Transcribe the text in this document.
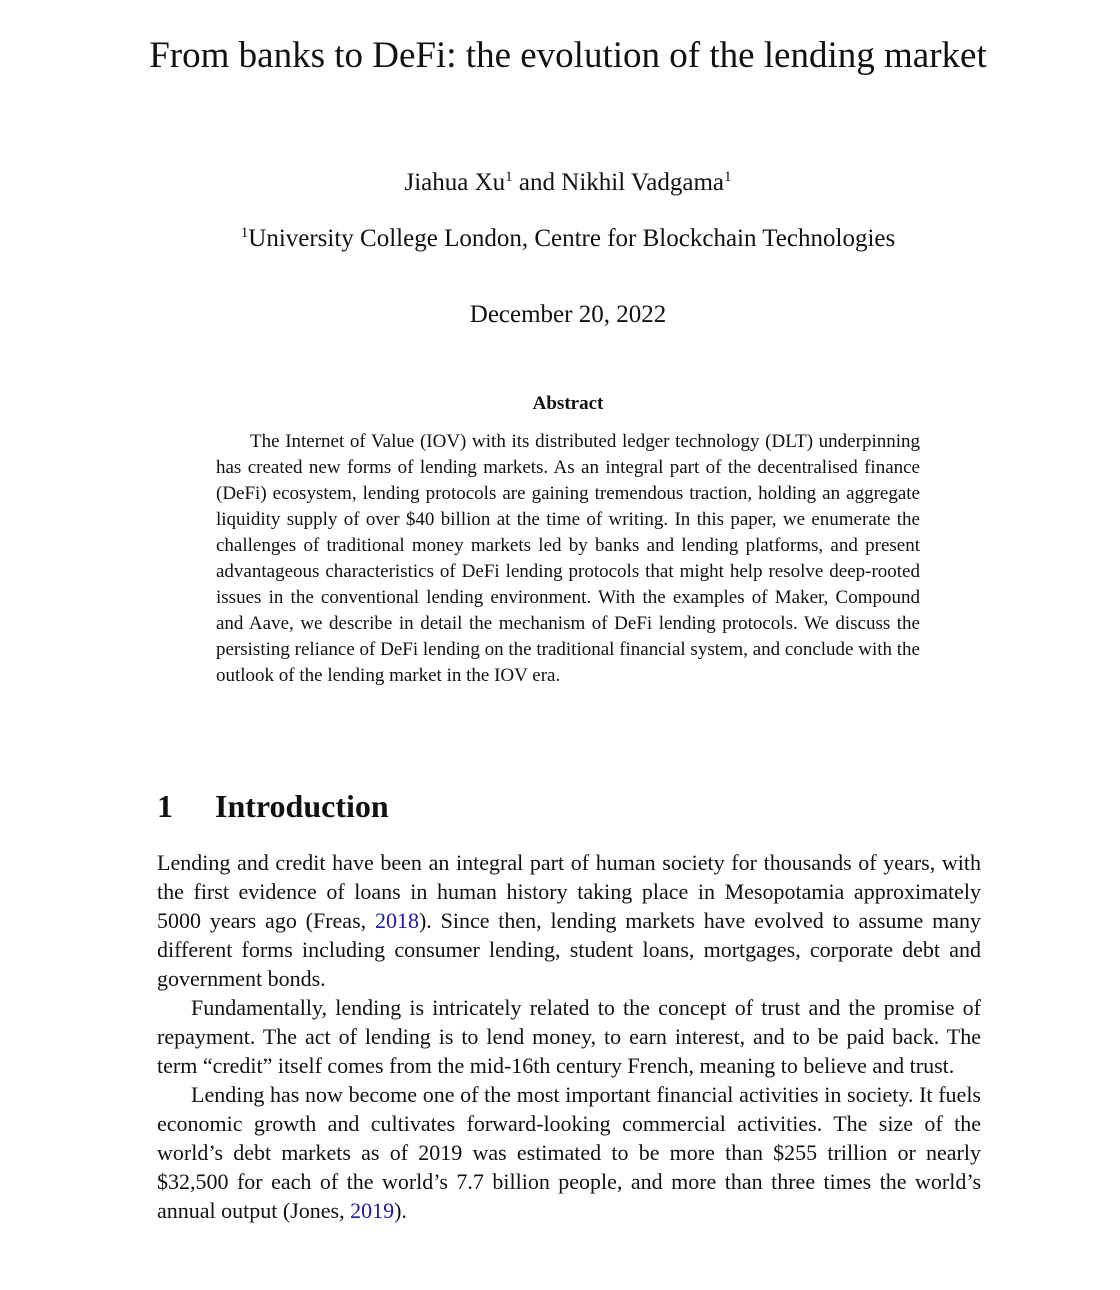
From banks to DeFi: the evolution of the lending market
Jiahua Xu$^1$ and Nikhil Vadgama$^1$
$^1$University College London, Centre for Blockchain Technologies
December 20, 2022
Abstract

The Internet of Value (IOV) with its distributed ledger technology (DLT) underpinning has created new forms of lending markets. As an integral part of the decentralised finance (DeFi) ecosystem, lending protocols are gaining tremendous traction, holding an aggregate liquidity supply of over $40 billion at the time of writing. In this paper, we enumerate the challenges of traditional money markets led by banks and lending platforms, and present advantageous characteristics of DeFi lending protocols that might help resolve deep-rooted issues in the conventional lending environment. With the examples of Maker, Compound and Aave, we describe in detail the mechanism of DeFi lending protocols. We discuss the persisting reliance of DeFi lending on the traditional financial system, and conclude with the outlook of the lending market in the IOV era.

1 Introduction

Lending and credit have been an integral part of human society for thousands of years, with the first evidence of loans in human history taking place in Mesopotamia approximately 5000 years ago (Freas, 2018). Since then, lending markets have evolved to assume many different forms including consumer lending, student loans, mortgages, corporate debt and government bonds.

Fundamentally, lending is intricately related to the concept of trust and the promise of repayment. The act of lending is to lend money, to earn interest, and to be paid back. The term “credit” itself comes from the mid-16th century French, meaning to believe and trust.

Lending has now become one of the most important financial activities in society. It fuels economic growth and cultivates forward-looking commercial activities. The size of the world’s debt markets as of 2019 was estimated to be more than $255 trillion or nearly $32,500 for each of the world’s 7.7 billion people, and more than three times the world’s annual output (Jones, 2019).
